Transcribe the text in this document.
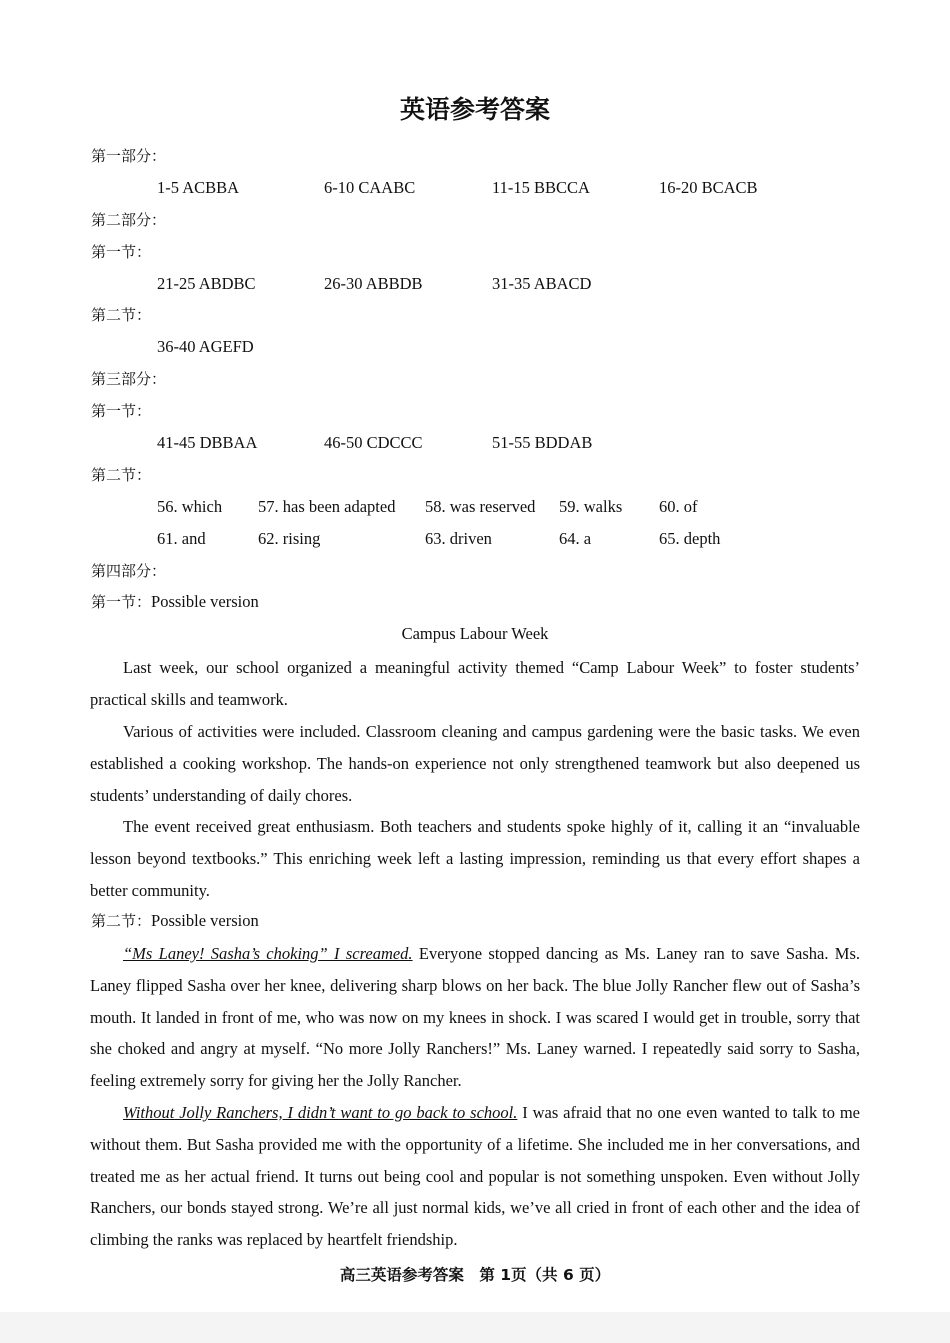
英语参考答案
第一部分：
1-5 ACBBA	6-10 CAABC	11-15 BBCCA	16-20 BCACB
第二部分：
第一节：
21-25 ABDBC	26-30 ABBDB	31-35 ABACD
第二节：
36-40 AGEFD
第三部分：
第一节：
41-45 DBBAA	46-50 CDCCC	51-55 BDDAB
第二节：
56. which 57. has been adapted 58. was reserved 59. walks 60. of
61. and	62. rising	63. driven	64. a	65. depth
第四部分：
第一节：Possible version
Campus Labour Week

Last week, our school organized a meaningful activity themed “Camp Labour Week” to foster students’ practical skills and teamwork.

Various of activities were included. Classroom cleaning and campus gardening were the basic tasks. We even established a cooking workshop. The hands-on experience not only strengthened teamwork but also deepened us students’ understanding of daily chores.

The event received great enthusiasm. Both teachers and students spoke highly of it, calling it an “invaluable lesson beyond textbooks.” This enriching week left a lasting impression, reminding us that every effort shapes a better community.

第二节：Possible version

“Ms Laney! Sasha’s choking” I screamed. Everyone stopped dancing as Ms. Laney ran to save Sasha. Ms. Laney flipped Sasha over her knee, delivering sharp blows on her back. The blue Jolly Rancher flew out of Sasha’s mouth. It landed in front of me, who was now on my knees in shock. I was scared I would get in trouble, sorry that she choked and angry at myself. “No more Jolly Ranchers!” Ms. Laney warned. I repeatedly said sorry to Sasha, feeling extremely sorry for giving her the Jolly Rancher.

Without Jolly Ranchers, I didn’t want to go back to school. I was afraid that no one even wanted to talk to me without them. But Sasha provided me with the opportunity of a lifetime. She included me in her conversations, and treated me as her actual friend. It turns out being cool and popular is not something unspoken. Even without Jolly Ranchers, our bonds stayed strong. We’re all just normal kids, we’ve all cried in front of each other and the idea of climbing the ranks was replaced by heartfelt friendship.

高三英语参考答案　第 1页（共 6 页）
